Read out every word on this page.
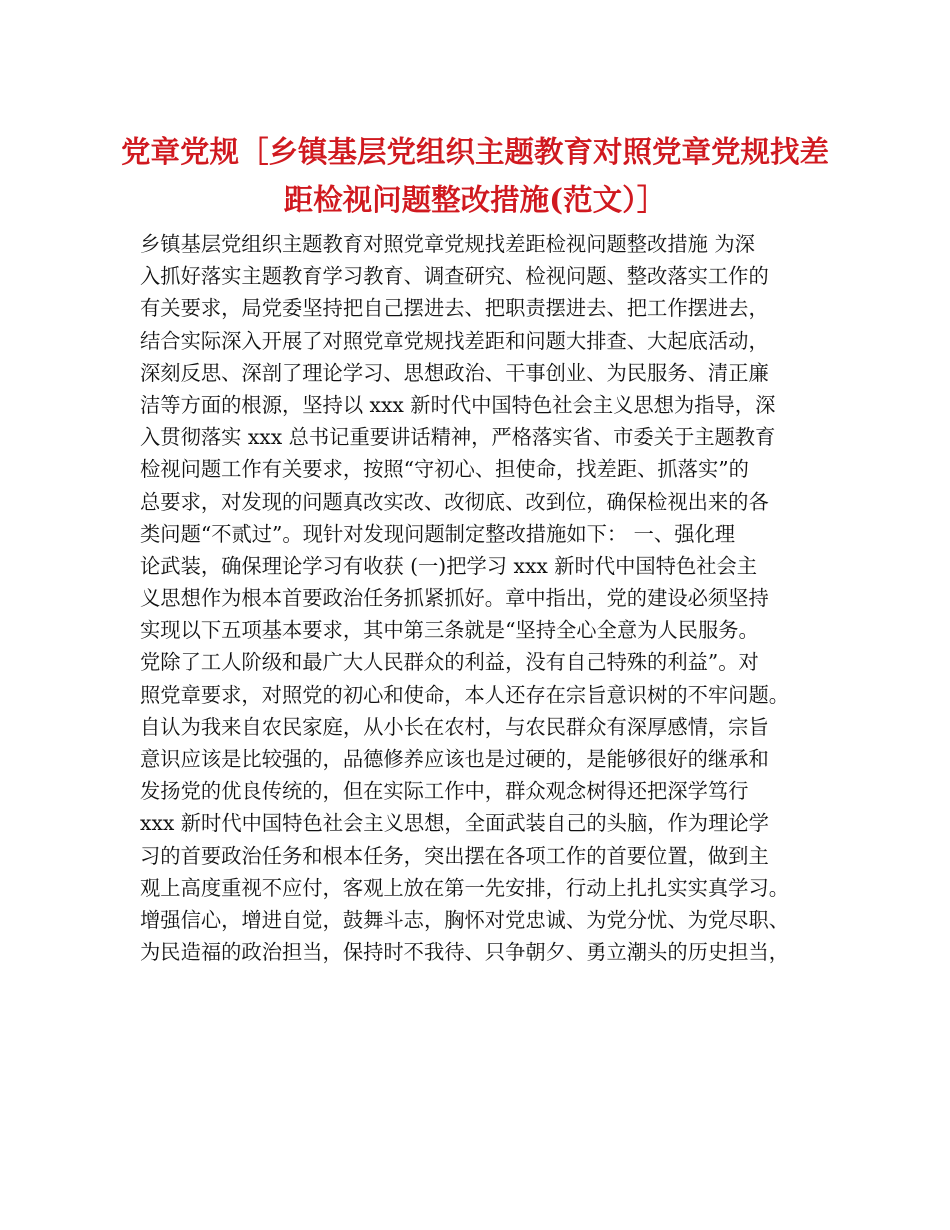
党章党规［乡镇基层党组织主题教育对照党章党规找差
距检视问题整改措施(范文）］
乡镇基层党组织主题教育对照党章党规找差距检视问题整改措施 为深
入抓好落实主题教育学习教育、调查研究、检视问题、整改落实工作的
有关要求，局党委坚持把自己摆进去、把职责摆进去、把工作摆进去，
结合实际深入开展了对照党章党规找差距和问题大排查、大起底活动，
深刻反思、深剖了理论学习、思想政治、干事创业、为民服务、清正廉
洁等方面的根源，坚持以 xxx 新时代中国特色社会主义思想为指导，深
入贯彻落实 xxx 总书记重要讲话精神，严格落实省、市委关于主题教育
检视问题工作有关要求，按照“守初心、担使命，找差距、抓落实”的
总要求，对发现的问题真改实改、改彻底、改到位，确保检视出来的各
类问题“不贰过”。现针对发现问题制定整改措施如下： 一、强化理
论武装，确保理论学习有收获 (一)把学习 xxx 新时代中国特色社会主
义思想作为根本首要政治任务抓紧抓好。章中指出，党的建设必须坚持
实现以下五项基本要求，其中第三条就是“坚持全心全意为人民服务。
党除了工人阶级和最广大人民群众的利益，没有自己特殊的利益”。对
照党章要求，对照党的初心和使命，本人还存在宗旨意识树的不牢问题。
自认为我来自农民家庭，从小长在农村，与农民群众有深厚感情，宗旨
意识应该是比较强的，品德修养应该也是过硬的，是能够很好的继承和
发扬党的优良传统的，但在实际工作中，群众观念树得还把深学笃行
xxx 新时代中国特色社会主义思想，全面武装自己的头脑，作为理论学
习的首要政治任务和根本任务，突出摆在各项工作的首要位置，做到主
观上高度重视不应付，客观上放在第一先安排，行动上扎扎实实真学习。
增强信心，增进自觉，鼓舞斗志，胸怀对党忠诚、为党分忧、为党尽职、
为民造福的政治担当，保持时不我待、只争朝夕、勇立潮头的历史担当，
